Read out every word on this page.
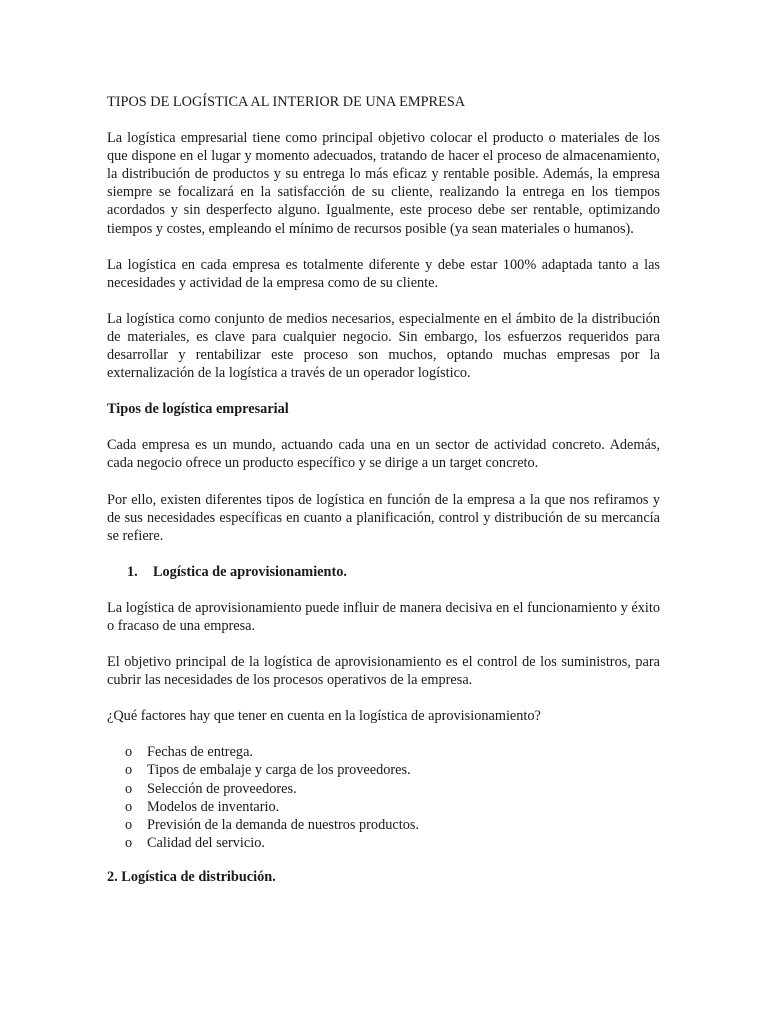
TIPOS DE LOGÍSTICA AL INTERIOR DE UNA EMPRESA

La logística empresarial tiene como principal objetivo colocar el producto o materiales de los que dispone en el lugar y momento adecuados, tratando de hacer el proceso de almacenamiento, la distribución de productos y su entrega lo más eficaz y rentable posible. Además, la empresa siempre se focalizará en la satisfacción de su cliente, realizando la entrega en los tiempos acordados y sin desperfecto alguno. Igualmente, este proceso debe ser rentable, optimizando tiempos y costes, empleando el mínimo de recursos posible (ya sean materiales o humanos).

La logística en cada empresa es totalmente diferente y debe estar 100% adaptada tanto a las necesidades y actividad de la empresa como de su cliente.

La logística como conjunto de medios necesarios, especialmente en el ámbito de la distribución de materiales, es clave para cualquier negocio. Sin embargo, los esfuerzos requeridos para desarrollar y rentabilizar este proceso son muchos, optando muchas empresas por la externalización de la logística a través de un operador logístico.

Tipos de logística empresarial

Cada empresa es un mundo, actuando cada una en un sector de actividad concreto. Además, cada negocio ofrece un producto específico y se dirige a un target concreto.

Por ello, existen diferentes tipos de logística en función de la empresa a la que nos refiramos y de sus necesidades específicas en cuanto a planificación, control y distribución de su mercancía se refiere.

1.	Logística de aprovisionamiento.

La logística de aprovisionamiento puede influir de manera decisiva en el funcionamiento y éxito o fracaso de una empresa.

El objetivo principal de la logística de aprovisionamiento es el control de los suministros, para cubrir las necesidades de los procesos operativos de la empresa.

¿Qué factores hay que tener en cuenta en la logística de aprovisionamiento?

o	Fechas de entrega.
o	Tipos de embalaje y carga de los proveedores.
o	Selección de proveedores.
o	Modelos de inventario.
o	Previsión de la demanda de nuestros productos.
o	Calidad del servicio.
2. Logística de distribución.
